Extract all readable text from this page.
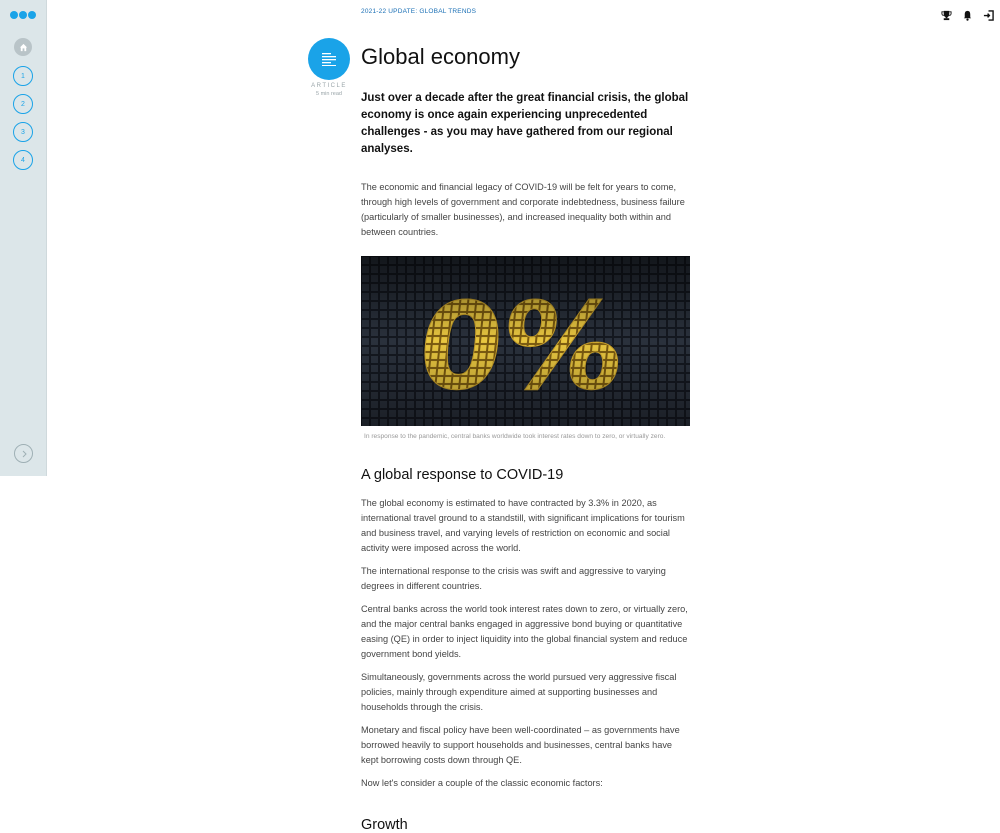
1
2
3
4
2021-22 UPDATE: GLOBAL TRENDS
ARTICLE
5 min read
Global economy

Just over a decade after the great financial crisis, the global economy is once again experiencing unprecedented challenges - as you may have gathered from our regional analyses.

The economic and financial legacy of COVID-19 will be felt for years to come, through high levels of government and corporate indebtedness, business failure (particularly of smaller businesses), and increased inequality both within and between countries.

In response to the pandemic, central banks worldwide took interest rates down to zero, or virtually zero.
A global response to COVID-19

The global economy is estimated to have contracted by 3.3% in 2020, as international travel ground to a standstill, with significant implications for tourism and business travel, and varying levels of restriction on economic and social activity were imposed across the world.

The international response to the crisis was swift and aggressive to varying degrees in different countries.

Central banks across the world took interest rates down to zero, or virtually zero, and the major central banks engaged in aggressive bond buying or quantitative easing (QE) in order to inject liquidity into the global financial system and reduce government bond yields.

Simultaneously, governments across the world pursued very aggressive fiscal policies, mainly through expenditure aimed at supporting businesses and households through the crisis.

Monetary and fiscal policy have been well-coordinated – as governments have borrowed heavily to support households and businesses, central banks have kept borrowing costs down through QE.

Now let's consider a couple of the classic economic factors:

Growth
